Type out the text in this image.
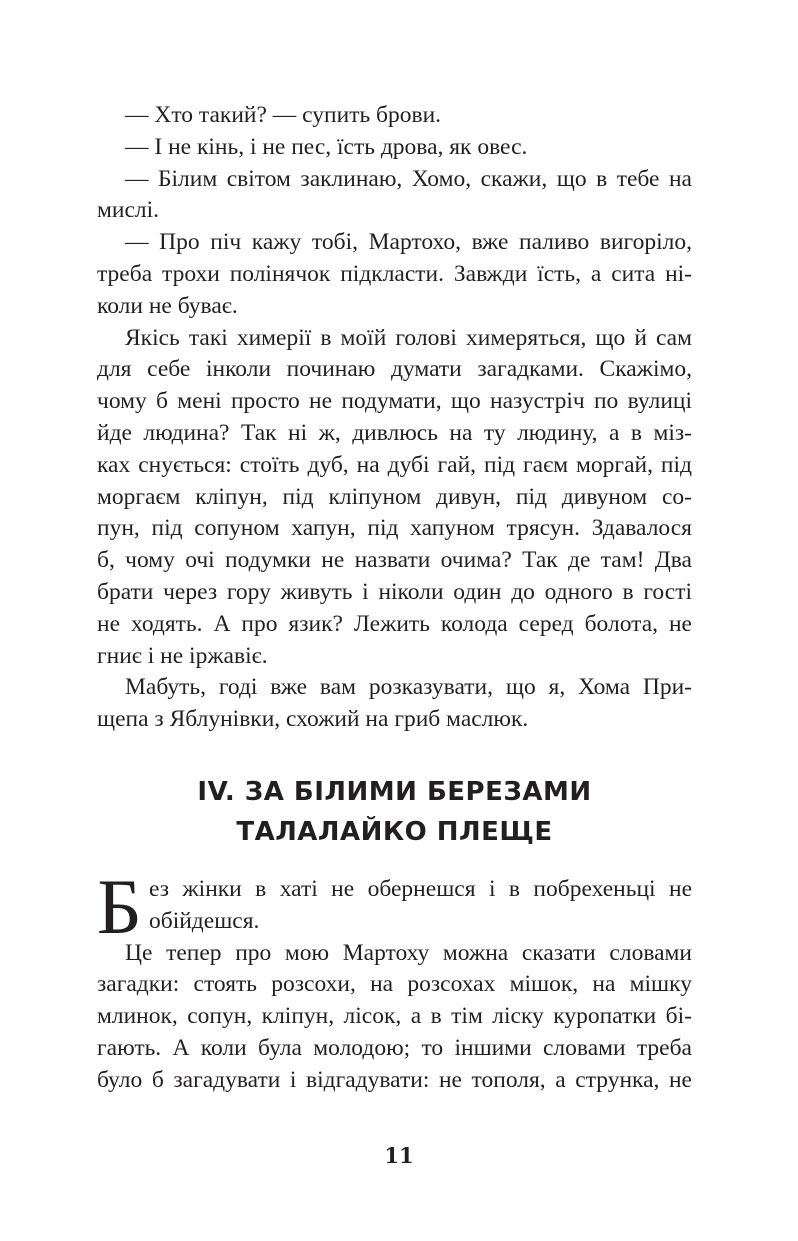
— Хто такий? — супить брови.
— І не кінь, і не пес, їсть дрова, як овес.
— Білим світом заклинаю, Хомо, скажи, що в тебе на
мислі.
— Про піч кажу тобі, Мартохо, вже паливо вигоріло,
треба трохи полінячок підкласти. Завжди їсть, а сита ні-
коли не буває.
Якісь такі химерії в моїй голові химеряться, що й сам
для себе інколи починаю думати загадками. Скажімо,
чому б мені просто не подумати, що назустріч по вулиці
йде людина? Так ні ж, дивлюсь на ту людину, а в міз-
ках снується: стоїть дуб, на дубі гай, під гаєм моргай, під
моргаєм кліпун, під кліпуном дивун, під дивуном со-
пун, під сопуном хапун, під хапуном трясун. Здавалося
б, чому очі подумки не назвати очима? Так де там! Два
брати через гору живуть і ніколи один до одного в гості
не ходять. А про язик? Лежить колода серед болота, не
гниє і не іржавіє.
Мабуть, годі вже вам розказувати, що я, Хома При-
щепа з Яблунівки, схожий на гриб маслюк.
IV. ЗА БІЛИМИ БЕРЕЗАМИ
ТАЛАЛАЙКО ПЛЕЩЕ
Б ез жінки в хаті не обернешся і в побрехеньці не
обійдешся.
Це тепер про мою Мартоху можна сказати словами
загадки: стоять розсохи, на розсохах мішок, на мішку
млинок, сопун, кліпун, лісок, а в тім ліску куропатки бі-
гають. А коли була молодою; то іншими словами треба
було б загадувати і відгадувати: не тополя, а струнка, не
11
